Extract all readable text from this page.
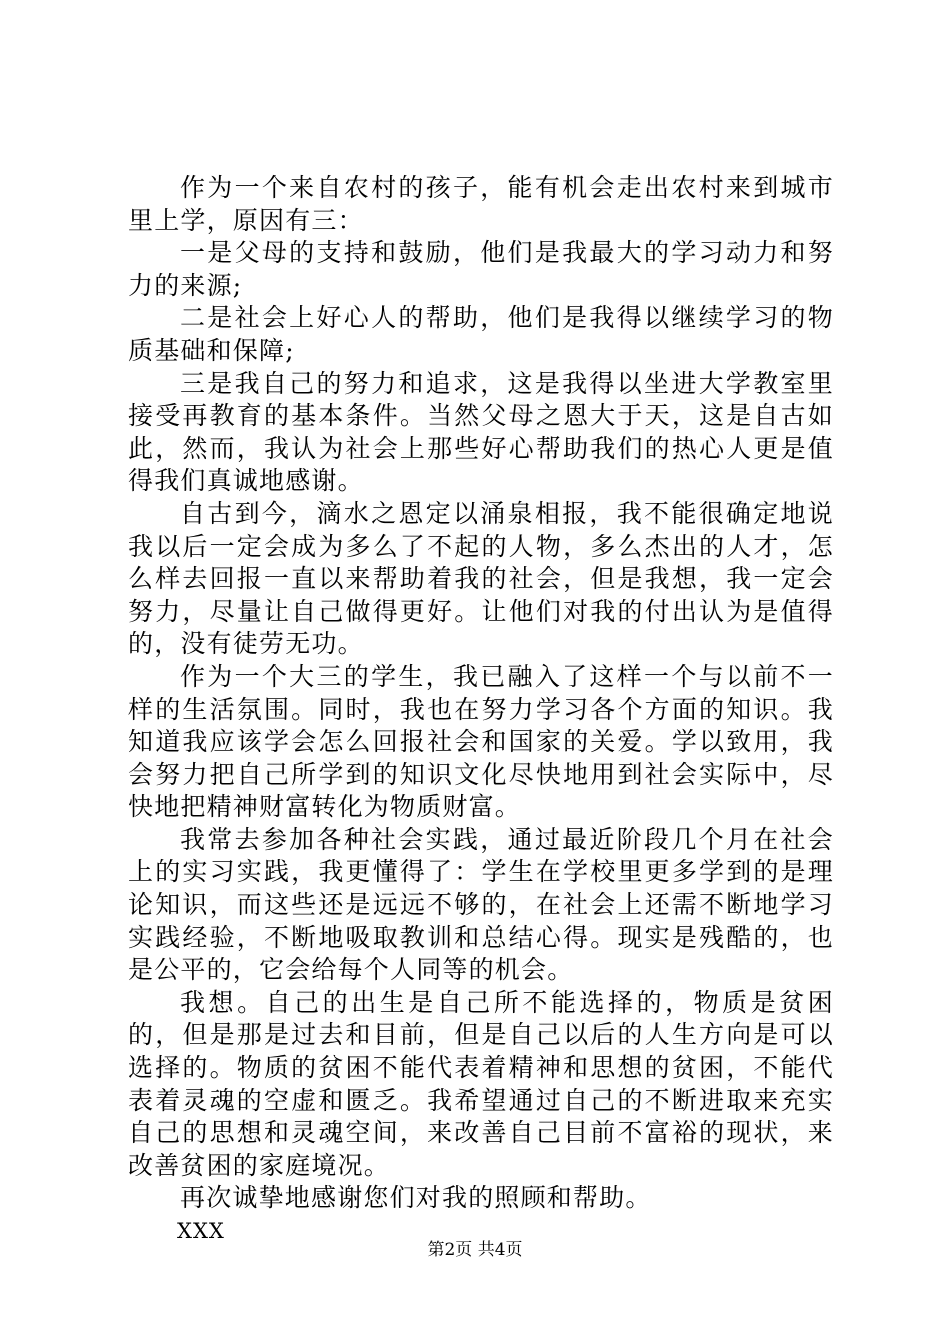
作为一个来自农村的孩子，能有机会走出农村来到城市里上学，原因有三：

一是父母的支持和鼓励，他们是我最大的学习动力和努力的来源;

二是社会上好心人的帮助，他们是我得以继续学习的物质基础和保障;

三是我自己的努力和追求，这是我得以坐进大学教室里接受再教育的基本条件。当然父母之恩大于天，这是自古如此，然而，我认为社会上那些好心帮助我们的热心人更是值得我们真诚地感谢。

自古到今，滴水之恩定以涌泉相报，我不能很确定地说我以后一定会成为多么了不起的人物，多么杰出的人才，怎么样去回报一直以来帮助着我的社会，但是我想，我一定会努力，尽量让自己做得更好。让他们对我的付出认为是值得的，没有徒劳无功。

作为一个大三的学生，我已融入了这样一个与以前不一样的生活氛围。同时，我也在努力学习各个方面的知识。我知道我应该学会怎么回报社会和国家的关爱。学以致用，我会努力把自己所学到的知识文化尽快地用到社会实际中，尽快地把精神财富转化为物质财富。

我常去参加各种社会实践，通过最近阶段几个月在社会上的实习实践，我更懂得了：学生在学校里更多学到的是理论知识，而这些还是远远不够的，在社会上还需不断地学习实践经验，不断地吸取教训和总结心得。现实是残酷的，也是公平的，它会给每个人同等的机会。

我想。自己的出生是自己所不能选择的，物质是贫困的，但是那是过去和目前，但是自己以后的人生方向是可以选择的。物质的贫困不能代表着精神和思想的贫困，不能代表着灵魂的空虚和匮乏。我希望通过自己的不断进取来充实自己的思想和灵魂空间，来改善自己目前不富裕的现状，来改善贫困的家庭境况。

再次诚挚地感谢您们对我的照顾和帮助。

XXX

第2页 共4页
